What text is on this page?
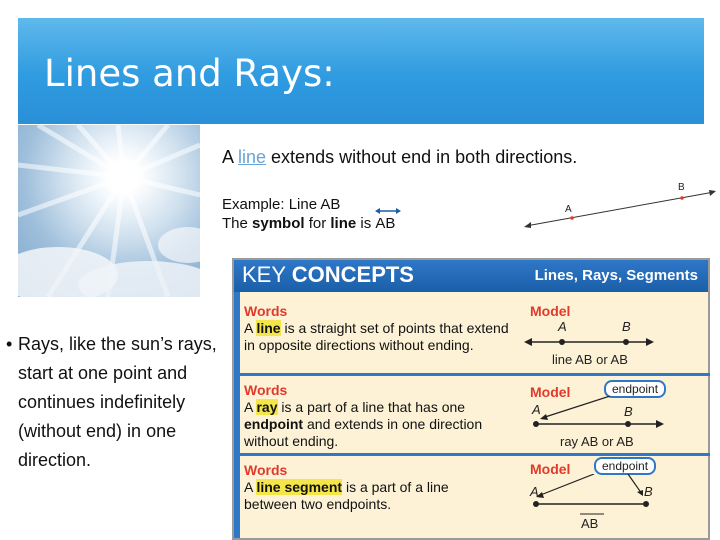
Lines and Rays:
A line extends without end in both directions.
Example: Line AB
The symbol for line is
AB
A
B
• Rays, like the sun’s rays, start at one point and continues indefinitely (without end) in one direction.
KEY CONCEPTS	Lines, Rays, Segments
Words	Model
A line is a straight set of points that extend in opposite directions without ending.
A	B
line AB or AB
Words	Model
A ray is a part of a line that has one endpoint and extends in one direction without ending.
endpoint
A	B
ray AB or AB
Words	Model
A line segment is a part of a line between two endpoints.
endpoint
A	B
AB
